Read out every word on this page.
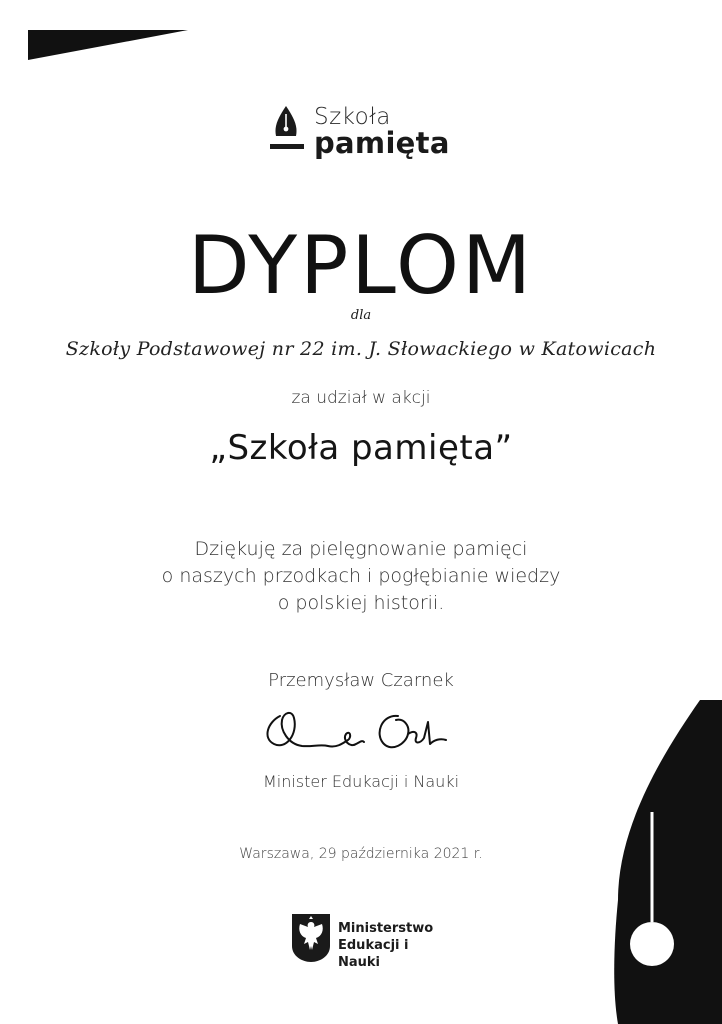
Szkoła
pamięta
DYPLOM
dla
Szkoły Podstawowej nr 22 im. J. Słowackiego w Katowicach
za udział w akcji
„Szkoła pamięta”
Dziękuję za pielęgnowanie pamięci
o naszych przodkach i pogłębianie wiedzy
o polskiej historii.
Przemysław Czarnek
Minister Edukacji i Nauki
Warszawa, 29 października 2021 r.
Ministerstwo
Edukacji i Nauki
